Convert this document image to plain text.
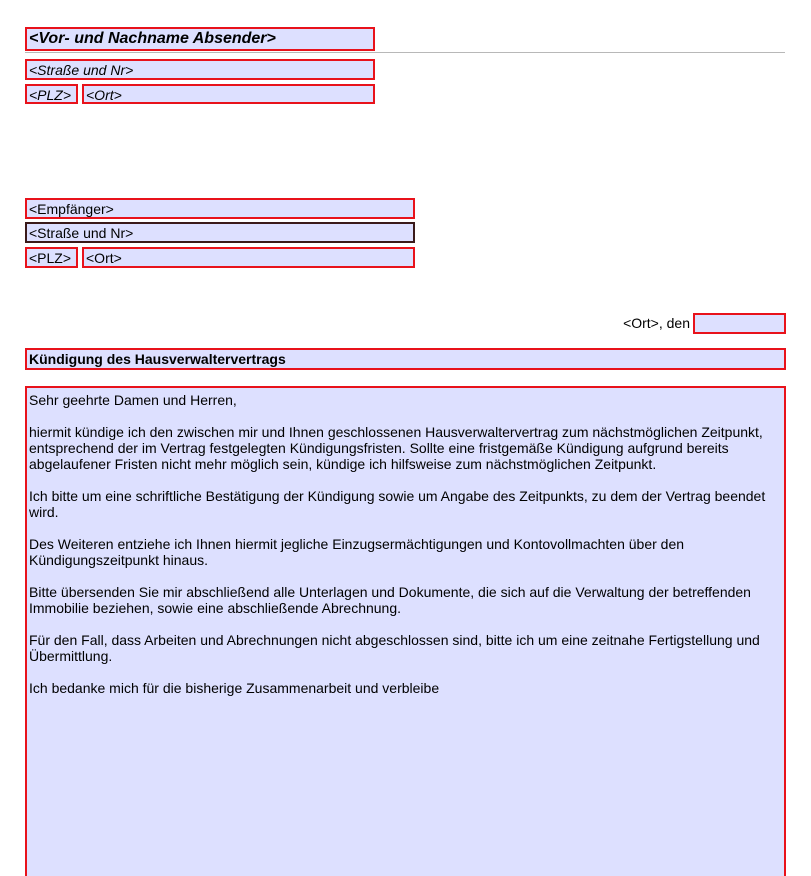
<Vor- und Nachname Absender>
<Straße und Nr>
<PLZ>	<Ort>
<Empfänger>
<Straße und Nr>
<PLZ>	<Ort>
<Ort>, den
Kündigung des Hausverwaltervertrags

Sehr geehrte Damen und Herren,

hiermit kündige ich den zwischen mir und Ihnen geschlossenen Hausverwaltervertrag zum nächstmöglichen Zeitpunkt, entsprechend der im Vertrag festgelegten Kündigungsfristen. Sollte eine fristgemäße Kündigung aufgrund bereits abgelaufener Fristen nicht mehr möglich sein, kündige ich hilfsweise zum nächstmöglichen Zeitpunkt.

Ich bitte um eine schriftliche Bestätigung der Kündigung sowie um Angabe des Zeitpunkts, zu dem der Vertrag beendet wird.

Des Weiteren entziehe ich Ihnen hiermit jegliche Einzugsermächtigungen und Kontovollmachten über den Kündigungszeitpunkt hinaus.

Bitte übersenden Sie mir abschließend alle Unterlagen und Dokumente, die sich auf die Verwaltung der betreffenden Immobilie beziehen, sowie eine abschließende Abrechnung.

Für den Fall, dass Arbeiten und Abrechnungen nicht abgeschlossen sind, bitte ich um eine zeitnahe Fertigstellung und Übermittlung.

Ich bedanke mich für die bisherige Zusammenarbeit und verbleibe
